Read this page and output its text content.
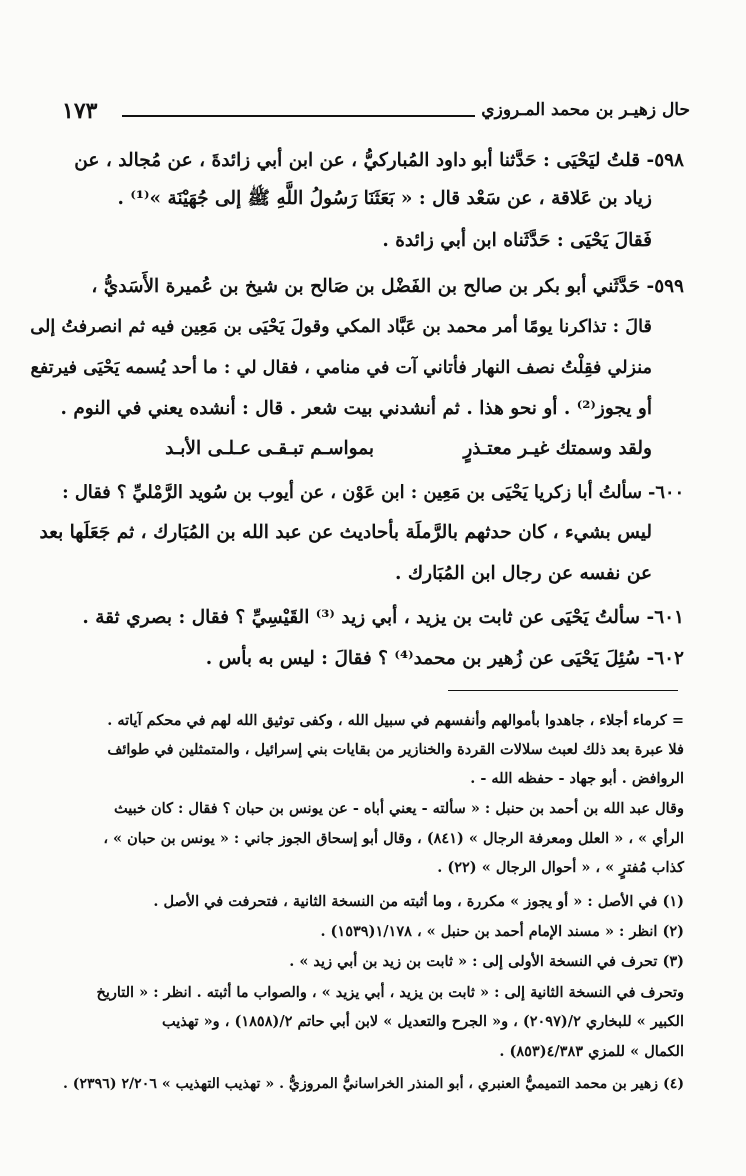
١٧٣	حال زهيـر بن محمد المـروزي
٥٩٨- قلتُ ليَحْيَى : حَدَّثنا أبو داود المُباركيُّ ، عن ابن أبي زائدةَ ، عن مُجالد ، عن
زياد بن عَلاقة ، عن سَعْد قال : « بَعَثَنَا رَسُولُ اللَّهِ ﷺ إلى جُهَيْنَة »⁽¹⁾ .
فَقالَ يَحْيَى : حَدَّثَناه ابن أبي زائدة .
٥٩٩- حَدَّثَني أبو بكر بن صالح بن الفَضْل بن صَالح بن شيخ بن عُميرة الأَسَديُّ ،
قالَ : تذاكرنا يومًا أمر محمد بن عَبَّاد المكي وقولَ يَحْيَى بن مَعِين فيه ثم انصرفتُ إلى
منزلي فقِلْتُ نصف النهار فأتاني آت في منامي ، فقال لي : ما أحد يُسمه يَحْيَى فيرتفع
أو يجوز⁽²⁾ . أو نحو هذا . ثم أنشدني بيت شعر . قال : أنشده يعني في النوم .
ولقد وسمتك غيـر معتـذرٍ
بمواسـم تبـقـى عـلـى الأبـد
٦٠٠- سألتُ أبا زكريا يَحْيَى بن مَعِين : ابن عَوْن ، عن أيوب بن سُويد الرَّمْليِّ ؟ فقال :
ليس بشيء ، كان حدثهم بالرَّملَة بأحاديث عن عبد الله بن المُبَارك ، ثم جَعَلَها بعد
عن نفسه عن رجال ابن المُبَارك .
٦٠١- سألتُ يَحْيَى عن ثابت بن يزيد ، أبي زيد ⁽³⁾ القَيْسِيِّ ؟ فقال : بصري ثقة .
٦٠٢- سُئِلَ يَحْيَى عن زُهير بن محمد⁽⁴⁾ ؟ فقالَ : ليس به بأس .
= كرماء أجلاء ، جاهدوا بأموالهم وأنفسهم في سبيل الله ، وكفى توثيق الله لهم في محكم آياته .
فلا عبرة بعد ذلك لعبث سلالات القردة والخنازير من بقايات بني إسرائيل ، والمتمثلين في طوائف
الروافض . أبو جهاد - حفظه الله - .
وقال عبد الله بن أحمد بن حنبل : « سألته - يعني أباه - عن يونس بن حبان ؟ فقال : كان خبيث
الرأي » ، « العلل ومعرفة الرجال » (٨٤١) ، وقال أبو إسحاق الجوز جاني : « يونس بن حبان » ،
كذاب مُفترٍ » ، « أحوال الرجال » (٢٢) .
(١) في الأصل : « أو يجوز » مكررة ، وما أثبته من النسخة الثانية ، فتحرفت في الأصل .
(٢) انظر : « مسند الإمام أحمد بن حنبل » ، ١/١٧٨(١٥٣٩) .
(٣) تحرف في النسخة الأولى إلى : « ثابت بن زيد بن أبي زيد » .
وتحرف في النسخة الثانية إلى : « ثابت بن يزيد ، أبي يزيد » ، والصواب ما أثبته . انظر : « التاريخ
الكبير » للبخاري ٢/(٢٠٩٧) ، و« الجرح والتعديل » لابن أبي حاتم ٢/(١٨٥٨) ، و« تهذيب
الكمال » للمزي ٤/٣٨٣(٨٥٣) .
(٤) زهير بن محمد التميميُّ العنبري ، أبو المنذر الخراسانيُّ المروزيُّ . « تهذيب التهذيب » ٢/٢٠٦ (٢٣٩٦) .
